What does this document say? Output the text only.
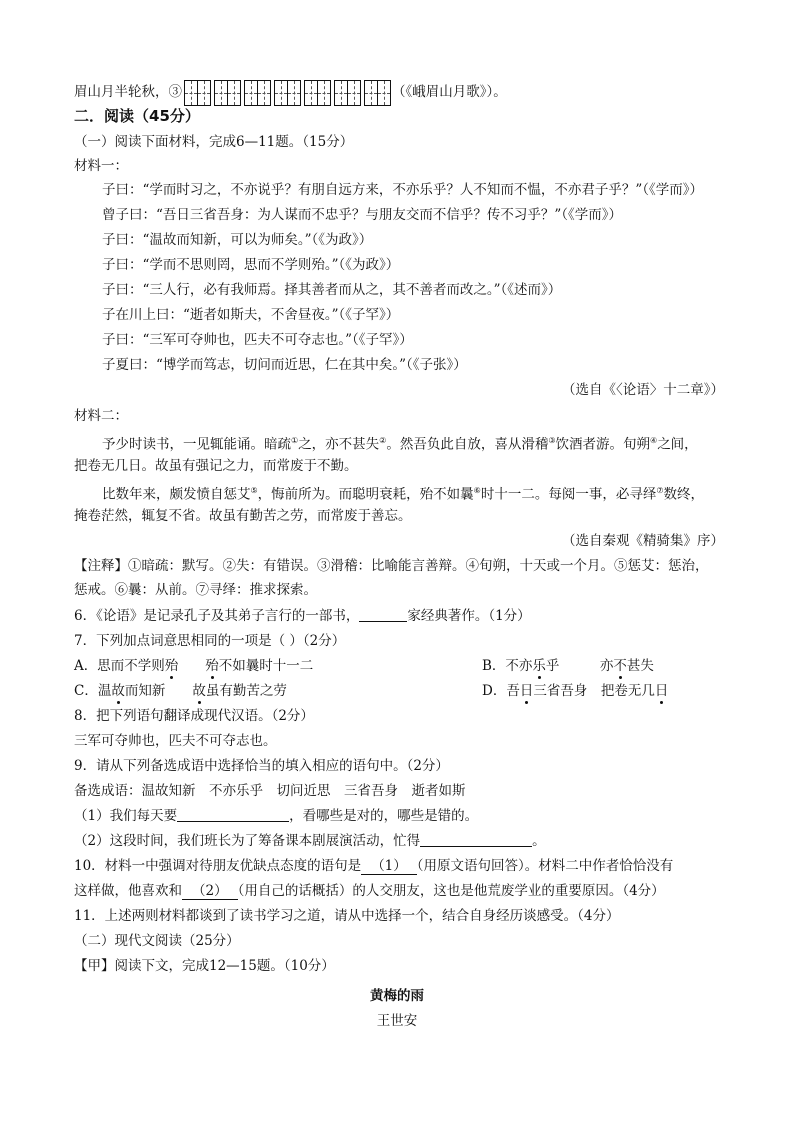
眉山月半轮秋，③	（《峨眉山月歌》）。
二．阅读（45分）
（一）阅读下面材料，完成6—11题。（15分）
材料一：
子曰：“学而时习之，不亦说乎？有朋自远方来，不亦乐乎？人不知而不愠，不亦君子乎？”（《学而》）
曾子曰：“吾日三省吾身：为人谋而不忠乎？与朋友交而不信乎？传不习乎？”（《学而》）
子曰：“温故而知新，可以为师矣。”（《为政》）
子曰：“学而不思则罔，思而不学则殆。”（《为政》）
子曰：“三人行，必有我师焉。择其善者而从之，其不善者而改之。”（《述而》）
子在川上曰：“逝者如斯夫，不舍昼夜。”（《子罕》）
子曰：“三军可夺帅也，匹夫不可夺志也。”（《子罕》）
子夏曰：“博学而笃志，切问而近思，仁在其中矣。”（《子张》）
（选自《〈论语〉十二章》）
材料二：
予少时读书，一见辄能诵。暗疏①之，亦不甚失②。然吾负此自放，喜从滑稽③饮酒者游。旬朔④之间，
把卷无几日。故虽有强记之力，而常废于不勤。
比数年来，颇发愤自惩艾⑤，悔前所为。而聪明衰耗，殆不如曩⑥时十一二。每阅一事，必寻绎⑦数终，
掩卷茫然，辄复不省。故虽有勤苦之劳，而常废于善忘。
（选自秦观《精骑集》序）
【注释】①暗疏：默写。②失：有错误。③滑稽：比喻能言善辩。④旬朔，十天或一个月。⑤惩艾：惩治，
惩戒。⑥曩：从前。⑦寻绎：推求探索。
6．《论语》是记录孔子及其弟子言行的一部书，	家经典著作。（1分）
7．下列加点词意思相同的一项是（ ）（2分）
A．思而不学则殆　　 殆不如曩时十一二	B．不亦乐乎　　　	亦不甚失
C．温故而知新　　 故虽有勤苦之劳	D．吾日三省吾身　 把卷无几日
8．把下列语句翻译成现代汉语。（2分）
三军可夺帅也，匹夫不可夺志也。
9．请从下列备选成语中选择恰当的填入相应的语句中。（2分）
备选成语：温故知新　不亦乐乎　切问近思　三省吾身　逝者如斯
（1）我们每天要	，看哪些是对的，哪些是错的。
（2）这段时间，我们班长为了筹备课本剧展演活动，忙得	。
10．材料一中强调对待朋友优缺点态度的语句是 （1） （用原文语句回答）。材料二中作者恰恰没有
这样做，他喜欢和 （2） （用自己的话概括）的人交朋友，这也是他荒废学业的重要原因。（4分）
11．上述两则材料都谈到了读书学习之道，请从中选择一个，结合自身经历谈感受。（4分）
（二）现代文阅读（25分）
【甲】阅读下文，完成12—15题。（10分）
黄梅的雨
王世安
